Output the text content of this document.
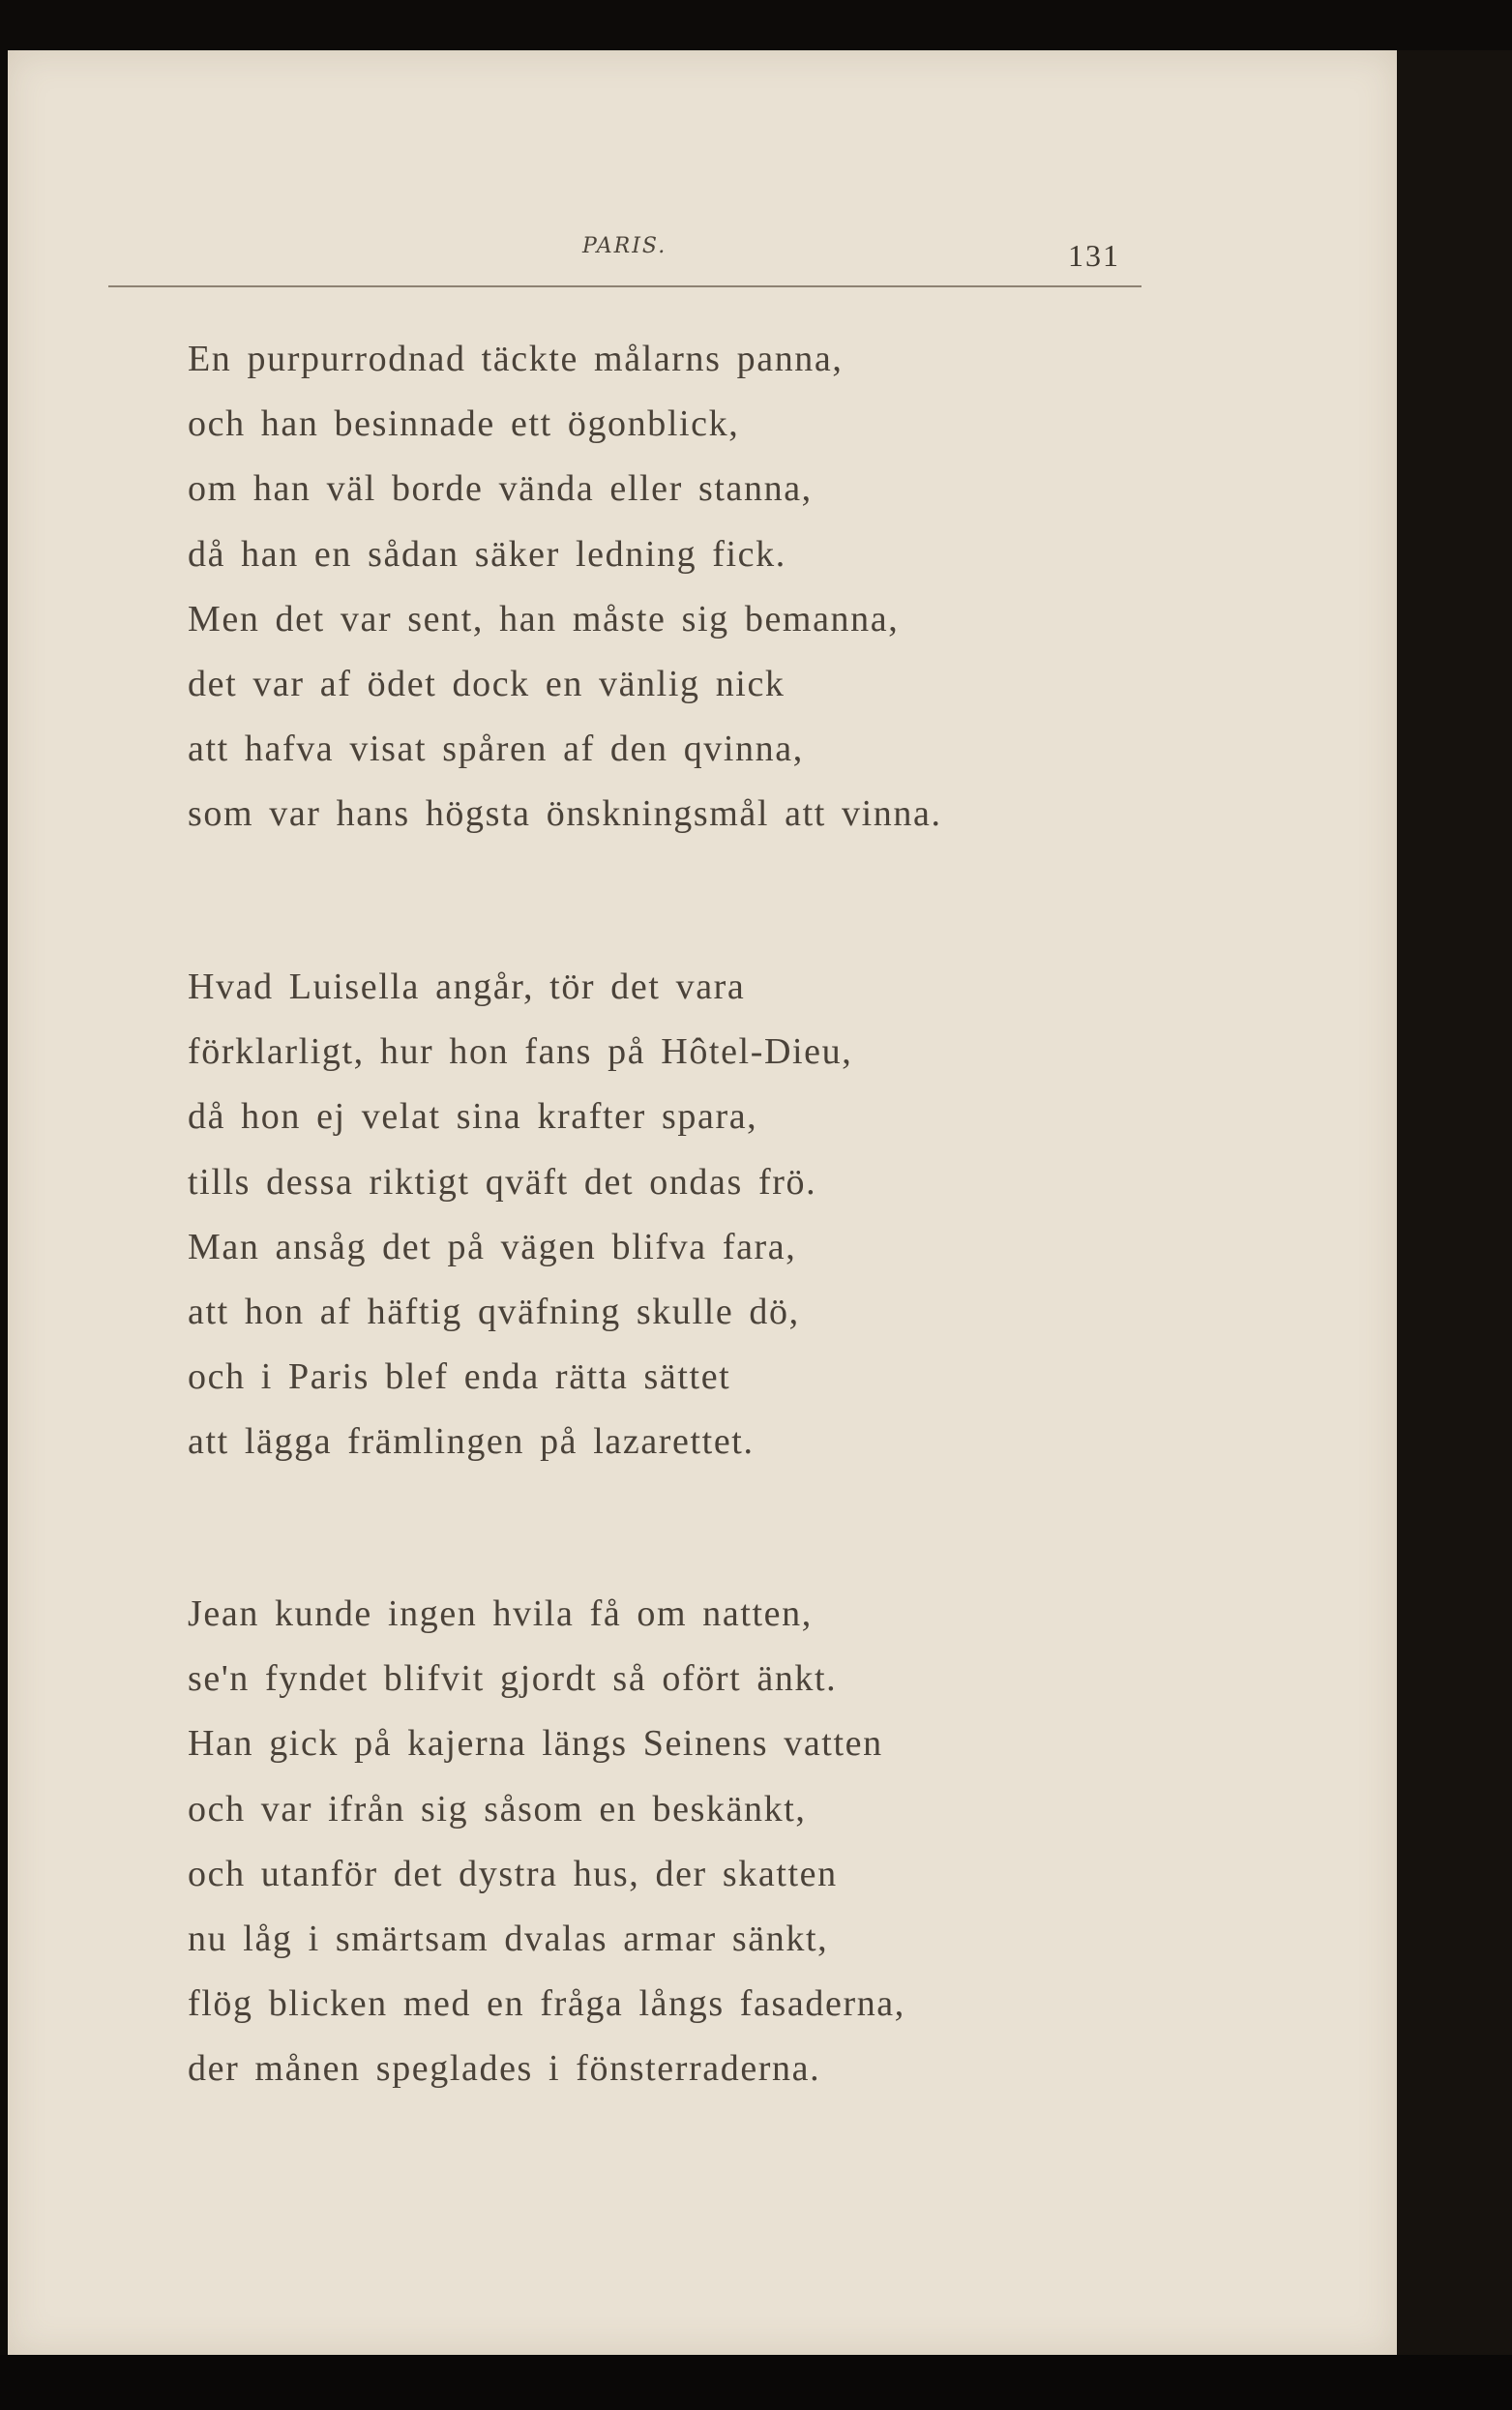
PARIS.	131
En purpurrodnad täckte målarns panna,
och han besinnade ett ögonblick,
om han väl borde vända eller stanna,
då han en sådan säker ledning fick.
Men det var sent, han måste sig bemanna,
det var af ödet dock en vänlig nick
att hafva visat spåren af den qvinna,
som var hans högsta önskningsmål att vinna.
Hvad Luisella angår, tör det vara
förklarligt, hur hon fans på Hôtel-Dieu,
då hon ej velat sina krafter spara,
tills dessa riktigt qväft det ondas frö.
Man ansåg det på vägen blifva fara,
att hon af häftig qväfning skulle dö,
och i Paris blef enda rätta sättet
att lägga främlingen på lazarettet.
Jean kunde ingen hvila få om natten,
se'n fyndet blifvit gjordt så ofört änkt.
Han gick på kajerna längs Seinens vatten
och var ifrån sig såsom en beskänkt,
och utanför det dystra hus, der skatten
nu låg i smärtsam dvalas armar sänkt,
flög blicken med en fråga långs fasaderna,
der månen speglades i fönsterraderna.
